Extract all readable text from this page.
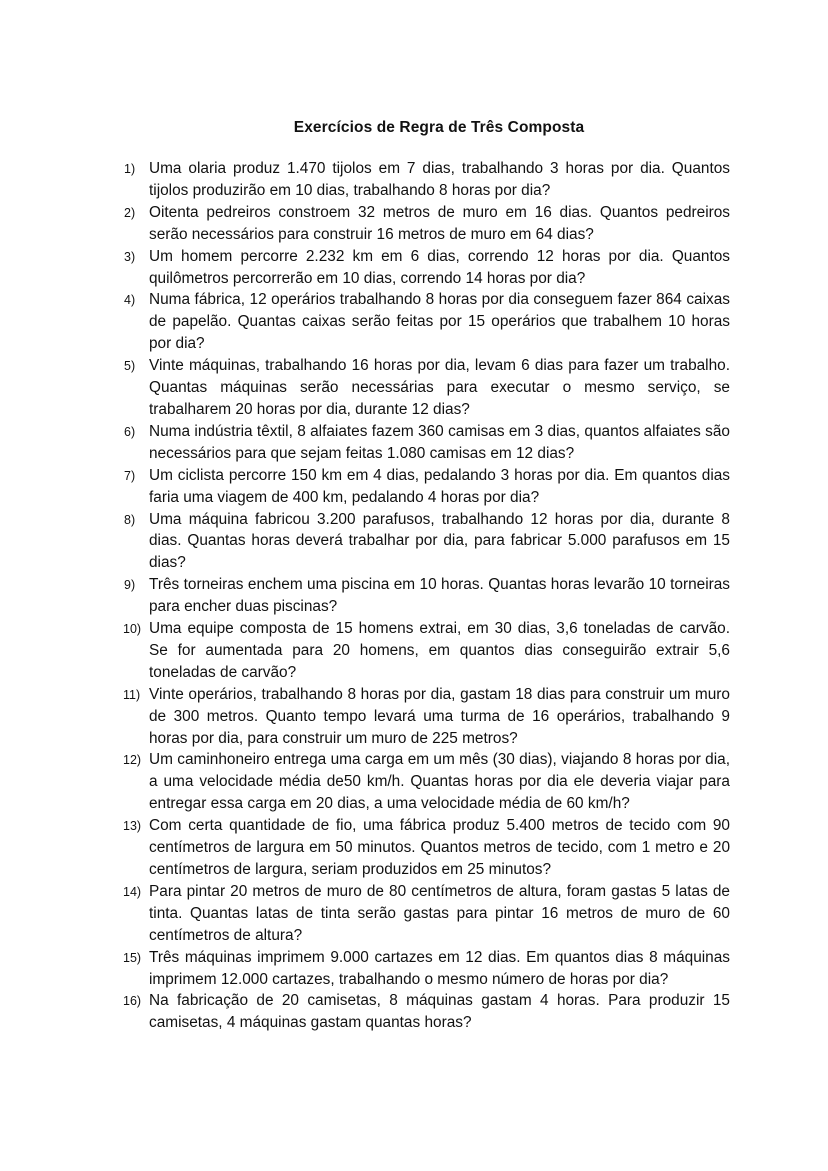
Exercícios de Regra de Três Composta
1) Uma olaria produz 1.470 tijolos em 7 dias, trabalhando 3 horas por dia. Quantos tijolos produzirão em 10 dias, trabalhando 8 horas por dia?
2) Oitenta pedreiros constroem 32 metros de muro em 16 dias. Quantos pedreiros serão necessários para construir 16 metros de muro em 64 dias?
3) Um homem percorre 2.232 km em 6 dias, correndo 12 horas por dia. Quantos quilômetros percorrerão em 10 dias, correndo 14 horas por dia?
4) Numa fábrica, 12 operários trabalhando 8 horas por dia conseguem fazer 864 caixas de papelão. Quantas caixas serão feitas por 15 operários que trabalhem 10 horas por dia?
5) Vinte máquinas, trabalhando 16 horas por dia, levam 6 dias para fazer um trabalho. Quantas máquinas serão necessárias para executar o mesmo serviço, se trabalharem 20 horas por dia, durante 12 dias?
6) Numa indústria têxtil, 8 alfaiates fazem 360 camisas em 3 dias, quantos alfaiates são necessários para que sejam feitas 1.080 camisas em 12 dias?
7) Um ciclista percorre 150 km em 4 dias, pedalando 3 horas por dia. Em quantos dias faria uma viagem de 400 km, pedalando 4 horas por dia?
8) Uma máquina fabricou 3.200 parafusos, trabalhando 12 horas por dia, durante 8 dias. Quantas horas deverá trabalhar por dia, para fabricar 5.000 parafusos em 15 dias?
9) Três torneiras enchem uma piscina em 10 horas. Quantas horas levarão 10 torneiras para encher duas piscinas?
10) Uma equipe composta de 15 homens extrai, em 30 dias, 3,6 toneladas de carvão. Se for aumentada para 20 homens, em quantos dias conseguirão extrair 5,6 toneladas de carvão?
11) Vinte operários, trabalhando 8 horas por dia, gastam 18 dias para construir um muro de 300 metros. Quanto tempo levará uma turma de 16 operários, trabalhando 9 horas por dia, para construir um muro de 225 metros?
12) Um caminhoneiro entrega uma carga em um mês (30 dias), viajando 8 horas por dia, a uma velocidade média de50 km/h. Quantas horas por dia ele deveria viajar para entregar essa carga em 20 dias, a uma velocidade média de 60 km/h?
13) Com certa quantidade de fio, uma fábrica produz 5.400 metros de tecido com 90 centímetros de largura em 50 minutos. Quantos metros de tecido, com 1 metro e 20 centímetros de largura, seriam produzidos em 25 minutos?
14) Para pintar 20 metros de muro de 80 centímetros de altura, foram gastas 5 latas de tinta. Quantas latas de tinta serão gastas para pintar 16 metros de muro de 60 centímetros de altura?
15) Três máquinas imprimem 9.000 cartazes em 12 dias. Em quantos dias 8 máquinas imprimem 12.000 cartazes, trabalhando o mesmo número de horas por dia?
16) Na fabricação de 20 camisetas, 8 máquinas gastam 4 horas. Para produzir 15 camisetas, 4 máquinas gastam quantas horas?
